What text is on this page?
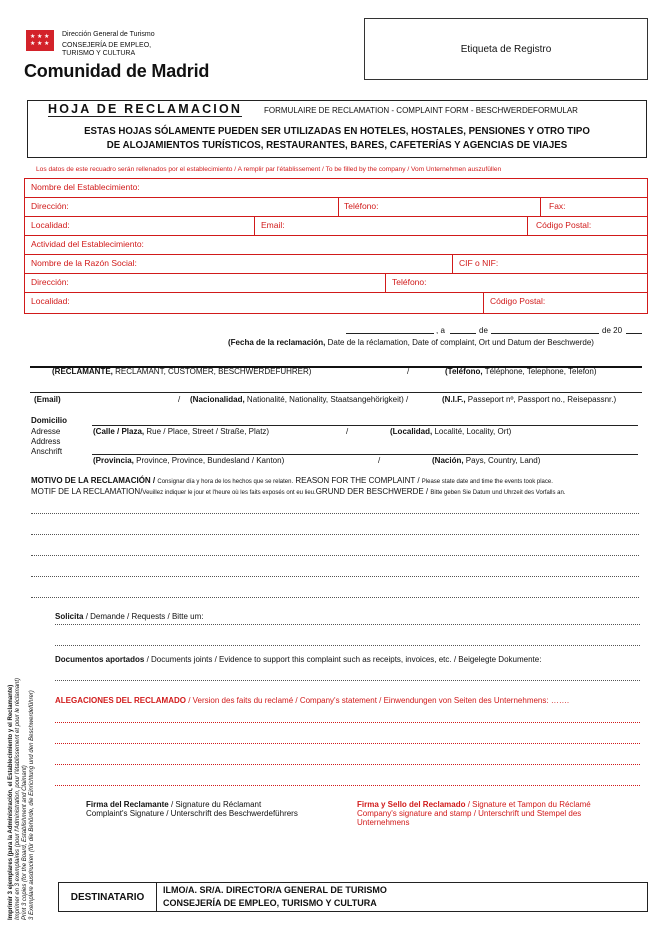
★ ★ ★
★ ★ ★
Dirección General de Turismo
CONSEJERÍA DE EMPLEO,
TURISMO Y CULTURA
Comunidad de Madrid
Etiqueta de Registro
HOJA DE RECLAMACION	FORMULAIRE DE RECLAMATION - COMPLAINT FORM - BESCHWERDEFORMULAR
ESTAS HOJAS SÓLAMENTE PUEDEN SER UTILIZADAS EN HOTELES, HOSTALES, PENSIONES Y OTRO TIPO
DE ALOJAMIENTOS TURÍSTICOS, RESTAURANTES, BARES, CAFETERÍAS Y AGENCIAS DE VIAJES
Los datos de este recuadro serán rellenados por el establecimiento / A remplir par l'établissement / To be filled by the company / Vom Unternehmen auszufüllen
Nombre del Establecimiento:
Dirección:	Teléfono:	Fax:
Localidad:	Email:	Código Postal:
Actividad del Establecimiento:
Nombre de la Razón Social:	CIF o NIF:
Dirección:	Teléfono:
Localidad:	Código Postal:
, a	de	de 20
(Fecha de la reclamación, Date de la réclamation, Date of complaint, Ort und Datum der Beschwerde)
(RECLAMANTE, RECLAMANT, CUSTOMER, BESCHWERDEFÜHRER)	/	(Teléfono, Téléphone, Telephone, Telefon)
(Email)	/ (Nacionalidad, Nationalité, Nationality, Staatsangehörigkeit) /	(N.I.F., Passeport nº, Passport no., Reisepassnr.)
Domicilio
Adresse
Address
Anschrift
(Calle / Plaza, Rue / Place, Street / Straße, Platz)	/	(Localidad, Localité, Locality, Ort)
(Provincia, Province, Province, Bundesland / Kanton)	/	(Nación, Pays, Country, Land)
MOTIVO DE LA RECLAMACIÓN / Consignar día y hora de los hechos que se relaten. REASON FOR THE COMPLAINT / Please state date and time the events took place.
MOTIF DE LA RECLAMATION/Veuillez indiquer le jour et l'heure où les faits exposés ont eu lieu.GRUND DER BESCHWERDE / Bitte geben Sie Datum und Uhrzeit des Vorfalls an.
Imprimir 3 ejemplares (para la Administración, el Establecimiento y el Reclamante) Imprimer en 3 exemplaires (pour l'Administration, pour l'établissement et pour le réclamant) Print 3 copies (for the Board, Establishment and Claimant) 3 Exemplare ausdrucken (für die Behörde, die Einrichtung und den Beschwerdeführer)
Solicita / Demande / Requests / Bitte um:
Documentos aportados / Documents joints / Evidence to support this complaint such as receipts, invoices, etc. / Beigelegte Dokumente:
ALEGACIONES DEL RECLAMADO / Version des faits du reclamé / Company's statement / Einwendungen von Seiten des Unternehmens: …….
Firma del Reclamante / Signature du Réclamant
Complaint's Signature / Unterschrift des Beschwerdeführers
Firma y Sello del Reclamado / Signature et Tampon du Réclamé
Company's signature and stamp / Unterschrift und Stempel des
Unternehmens
DESTINATARIO
ILMO/A. SR/A. DIRECTOR/A GENERAL DE TURISMO
CONSEJERÍA DE EMPLEO, TURISMO Y CULTURA
